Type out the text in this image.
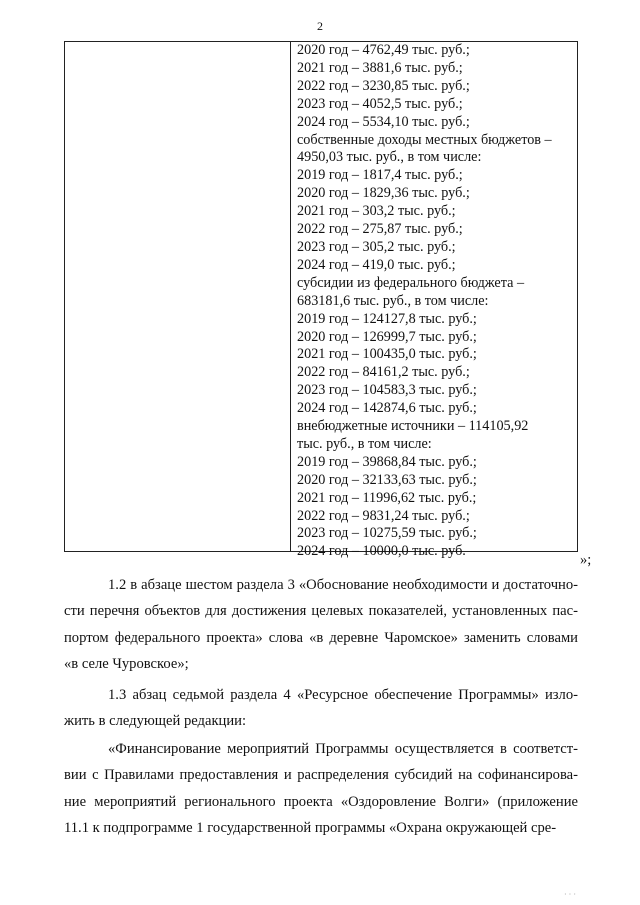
2
2020 год – 4762,49 тыс. руб.;
2021 год – 3881,6 тыс. руб.;
2022 год – 3230,85 тыс. руб.;
2023 год – 4052,5 тыс. руб.;
2024 год – 5534,10 тыс. руб.;
собственные доходы местных бюджетов –
4950,03 тыс. руб., в том числе:
2019 год – 1817,4 тыс. руб.;
2020 год – 1829,36 тыс. руб.;
2021 год – 303,2 тыс. руб.;
2022 год – 275,87 тыс. руб.;
2023 год – 305,2 тыс. руб.;
2024 год – 419,0 тыс. руб.;
субсидии из федерального бюджета –
683181,6 тыс. руб., в том числе:
2019 год – 124127,8 тыс. руб.;
2020 год – 126999,7 тыс. руб.;
2021 год – 100435,0 тыс. руб.;
2022 год – 84161,2 тыс. руб.;
2023 год – 104583,3 тыс. руб.;
2024 год – 142874,6 тыс. руб.;
внебюджетные источники – 114105,92
тыс. руб., в том числе:
2019 год – 39868,84 тыс. руб.;
2020 год – 32133,63 тыс. руб.;
2021 год – 11996,62 тыс. руб.;
2022 год – 9831,24 тыс. руб.;
2023 год – 10275,59 тыс. руб.;
2024 год – 10000,0 тыс. руб.
»;
1.2 в абзаце шестом раздела 3 «Обоснование необходимости и достаточно-
сти перечня объектов для достижения целевых показателей, установленных пас-
портом федерального проекта» слова «в деревне Чаромское» заменить словами
«в селе Чуровское»;
1.3 абзац седьмой раздела 4 «Ресурсное обеспечение Программы» изло-
жить в следующей редакции:
«Финансирование мероприятий Программы осуществляется в соответст-
вии с Правилами предоставления и распределения субсидий на софинансирова-
ние мероприятий регионального проекта «Оздоровление Волги» (приложение
11.1 к подпрограмме 1 государственной программы «Охрана окружающей сре-
· · ·
